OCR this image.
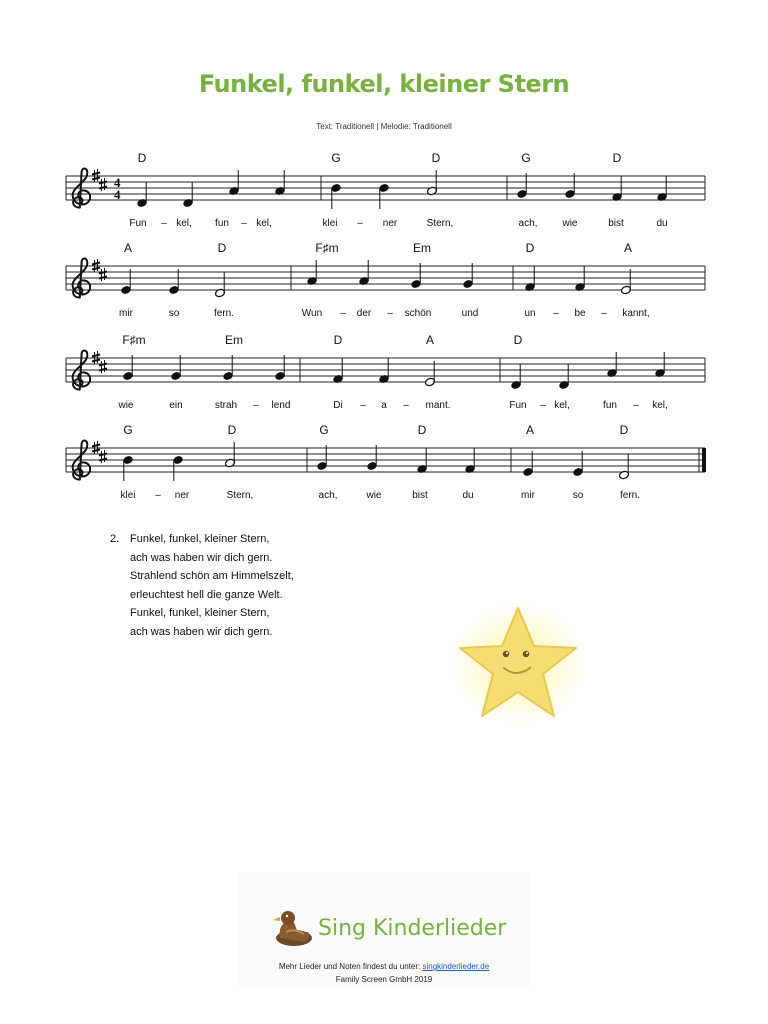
Funkel, funkel, kleiner Stern
Text: Traditionell | Melodie: Traditionell
4
4
D	G	D	G	D
Fun – kel, fun – kel,	klei – ner	Stern,	ach,	wie	bist	du
A	D	F♯m	Em	D	A
mir	so	fern.	Wun – der – schön	und	un – be – kannt,
F♯m	Em	D	A	D
wie	ein	strah – lend	Di – a – mant.	Fun – kel,	fun – kel,
G	D	G	D	A	D
klei – ner	Stern,	ach,	wie	bist	du	mir	so	fern.
2. Funkel, funkel, kleiner Stern,
ach was haben wir dich gern.
Strahlend schön am Himmelszelt,
erleuchtest hell die ganze Welt.
Funkel, funkel, kleiner Stern,
ach was haben wir dich gern.
Sing Kinderlieder
Mehr Lieder und Noten findest du unter: singkinderlieder.de
Family Screen GmbH 2019
